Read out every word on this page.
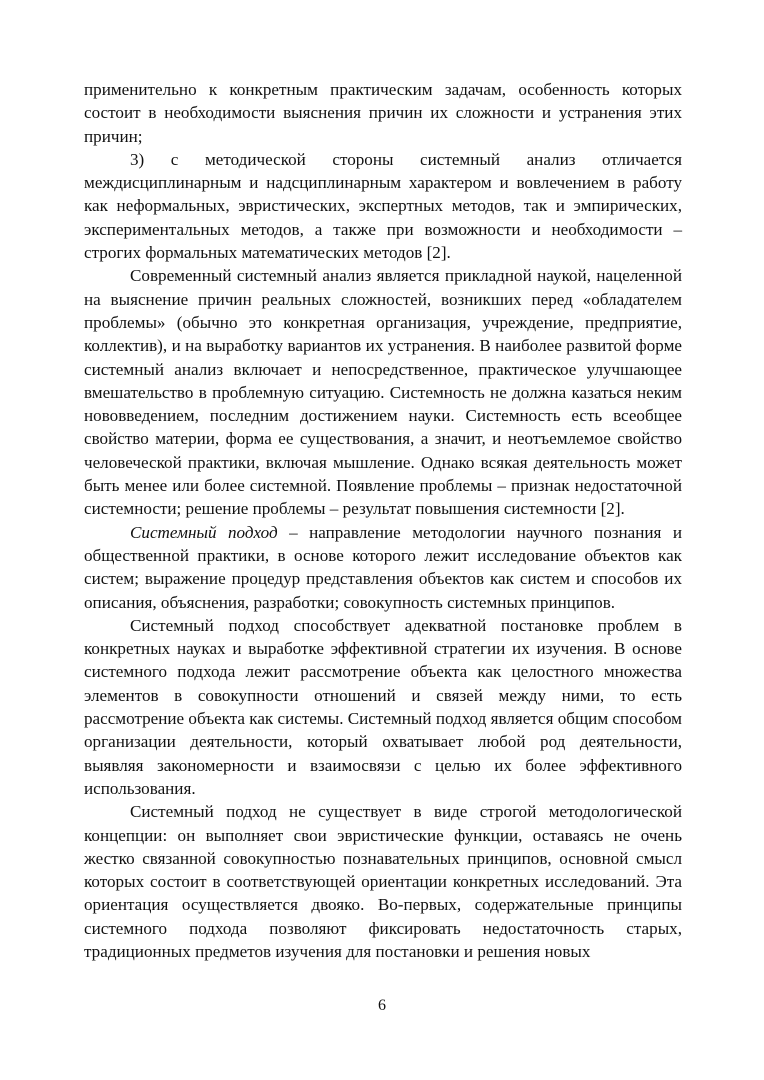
применительно к конкретным практическим задачам, особенность которых состоит в необходимости выяснения причин их сложности и устранения этих причин;

3) с методической стороны системный анализ отличается междисциплинарным и надсциплинарным характером и вовлечением в работу как неформальных, эвристических, экспертных методов, так и эмпирических, экспериментальных методов, а также при возможности и необходимости – строгих формальных математических методов [2].

Современный системный анализ является прикладной наукой, нацеленной на выяснение причин реальных сложностей, возникших перед «обладателем проблемы» (обычно это конкретная организация, учреждение, предприятие, коллектив), и на выработку вариантов их устранения. В наиболее развитой форме системный анализ включает и непосредственное, практическое улучшающее вмешательство в проблемную ситуацию. Системность не должна казаться неким нововведением, последним достижением науки. Системность есть всеобщее свойство материи, форма ее существования, а значит, и неотъемлемое свойство человеческой практики, включая мышление. Однако всякая деятельность может быть менее или более системной. Появление проблемы – признак недостаточной системности; решение проблемы – результат повышения системности [2].

Системный подход – направление методологии научного познания и общественной практики, в основе которого лежит исследование объектов как систем; выражение процедур представления объектов как систем и способов их описания, объяснения, разработки; совокупность системных принципов.

Системный подход способствует адекватной постановке проблем в конкретных науках и выработке эффективной стратегии их изучения. В основе системного подхода лежит рассмотрение объекта как целостного множества элементов в совокупности отношений и связей между ними, то есть рассмотрение объекта как системы. Системный подход является общим способом организации деятельности, который охватывает любой род деятельности, выявляя закономерности и взаимосвязи с целью их более эффективного использования.

Системный подход не существует в виде строгой методологической концепции: он выполняет свои эвристические функции, оставаясь не очень жестко связанной совокупностью познавательных принципов, основной смысл которых состоит в соответствующей ориентации конкретных исследований. Эта ориентация осуществляется двояко. Во-первых, содержательные принципы системного подхода позволяют фиксировать недостаточность старых, традиционных предметов изучения для постановки и решения новых

6
